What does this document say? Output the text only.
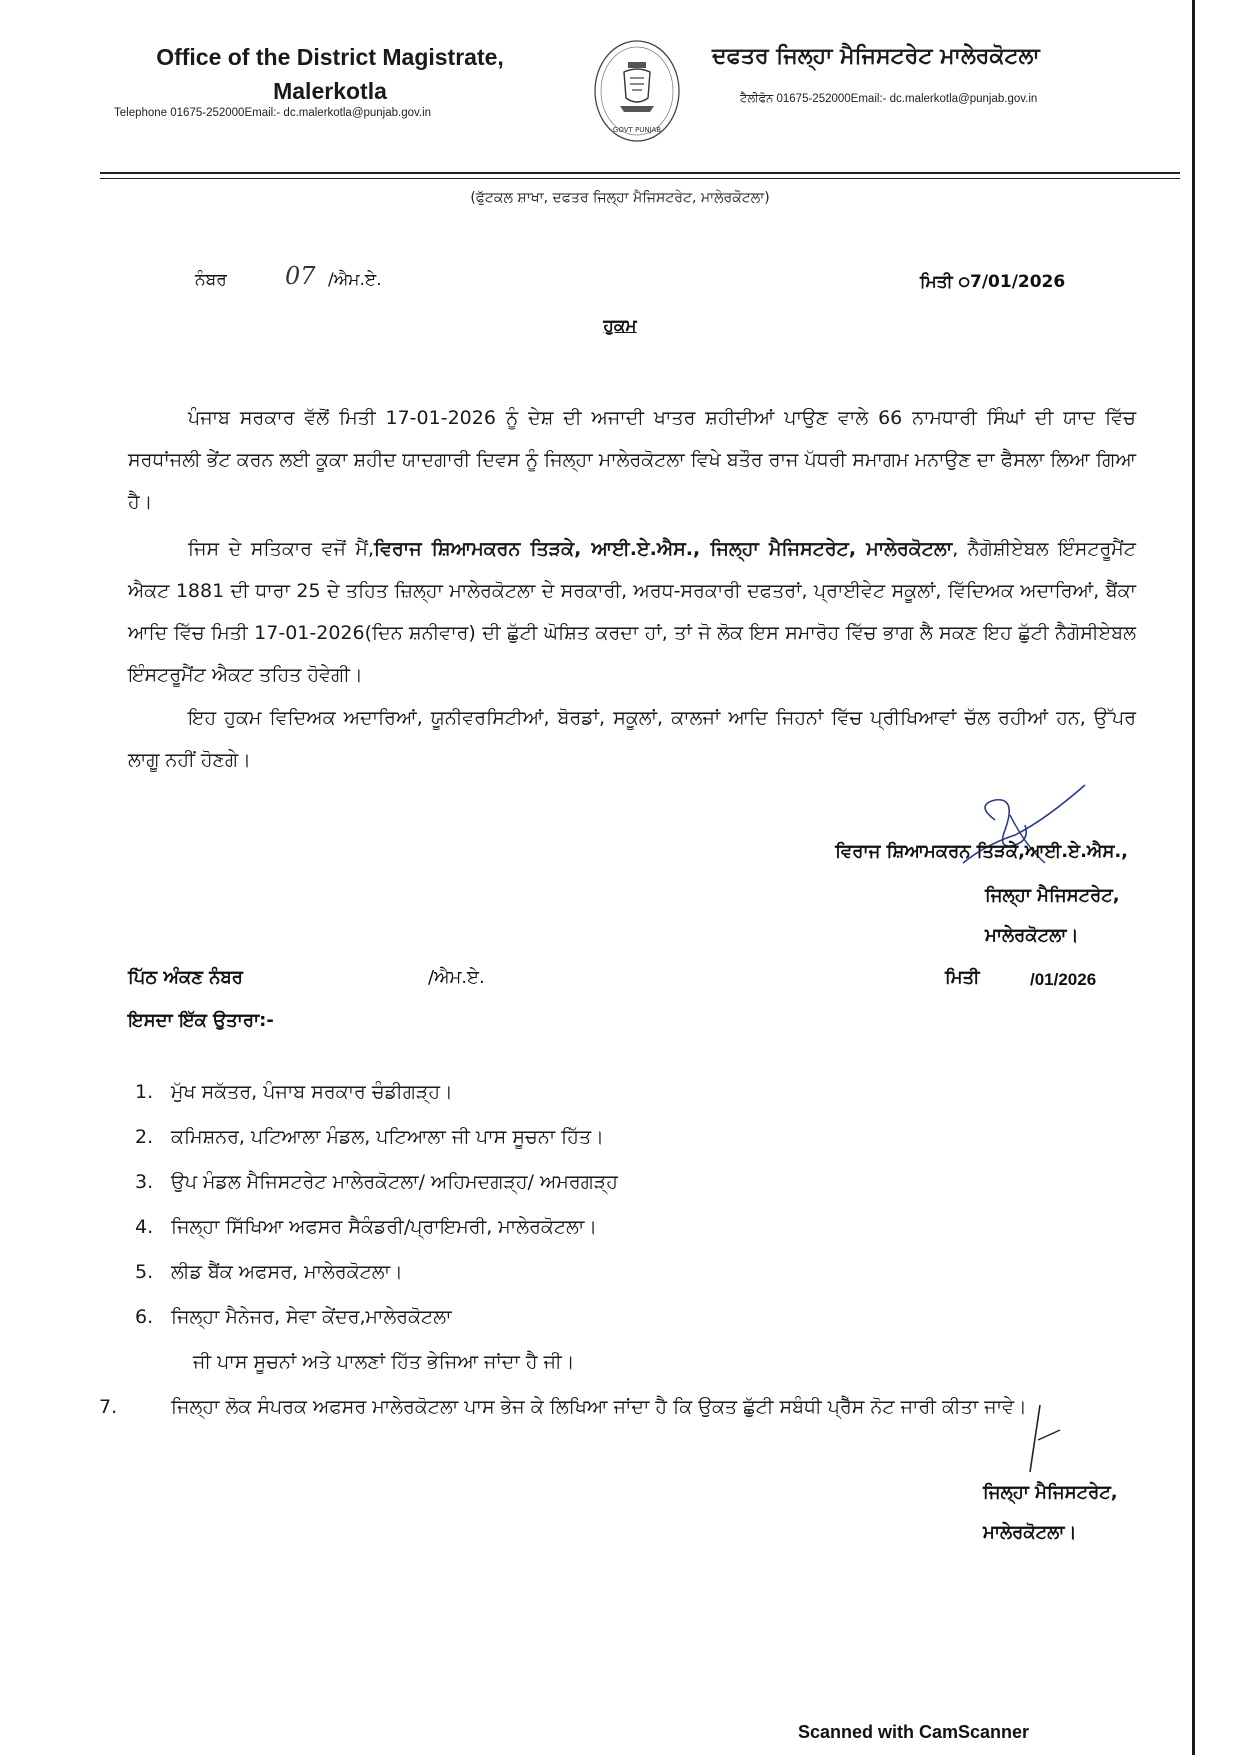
Office of the District Magistrate,
Malerkotla
Telephone 01675-252000Email:- dc.malerkotla@punjab.gov.in
GOVT PUNJAB
ਦਫਤਰ ਜਿਲ੍ਹਾ ਮੈਜਿਸਟਰੇਟ ਮਾਲੇਰਕੋਟਲਾ
ਟੈਲੀਫੋਨ 01675-252000Email:- dc.malerkotla@punjab.gov.in
(ਫੁੱਟਕਲ ਸ਼ਾਖਾ, ਦਫਤਰ ਜਿਲ੍ਹਾ ਮੈਜਿਸਟਰੇਟ, ਮਾਲੇਰਕੋਟਲਾ)
ਨੰਬਰ 07 /ਐਮ.ਏ.	ਮਿਤੀ ੦7/01/2026
ਹੁਕਮ
ਪੰਜਾਬ ਸਰਕਾਰ ਵੱਲੋਂ ਮਿਤੀ 17-01-2026 ਨੂੰ ਦੇਸ਼ ਦੀ ਅਜਾਦੀ ਖਾਤਰ ਸ਼ਹੀਦੀਆਂ ਪਾਉਣ ਵਾਲੇ 66 ਨਾਮਧਾਰੀ ਸਿੰਘਾਂ ਦੀ ਯਾਦ ਵਿੱਚ ਸਰਧਾਂਜਲੀ ਭੇਂਟ ਕਰਨ ਲਈ ਕੂਕਾ ਸ਼ਹੀਦ ਯਾਦਗਾਰੀ ਦਿਵਸ ਨੂੰ ਜਿਲ੍ਹਾ ਮਾਲੇਰਕੋਟਲਾ ਵਿਖੇ ਬਤੌਰ ਰਾਜ ਪੱਧਰੀ ਸਮਾਗਮ ਮਨਾਉਣ ਦਾ ਫੈਸਲਾ ਲਿਆ ਗਿਆ ਹੈ।
ਜਿਸ ਦੇ ਸਤਿਕਾਰ ਵਜੋਂ ਮੈਂ,ਵਿਰਾਜ ਸ਼ਿਆਮਕਰਨ ਤਿੜਕੇ, ਆਈ.ਏ.ਐਸ., ਜਿਲ੍ਹਾ ਮੈਜਿਸਟਰੇਟ, ਮਾਲੇਰਕੋਟਲਾ, ਨੈਗੋਸ਼ੀਏਬਲ ਇੰਸਟਰੂਮੈਂਟ ਐਕਟ 1881 ਦੀ ਧਾਰਾ 25 ਦੇ ਤਹਿਤ ਜ਼ਿਲ੍ਹਾ ਮਾਲੇਰਕੋਟਲਾ ਦੇ ਸਰਕਾਰੀ, ਅਰਧ-ਸਰਕਾਰੀ ਦਫਤਰਾਂ, ਪ੍ਰਾਈਵੇਟ ਸਕੂਲਾਂ, ਵਿੱਦਿਅਕ ਅਦਾਰਿਆਂ, ਬੈਂਕਾ ਆਦਿ ਵਿੱਚ ਮਿਤੀ 17-01-2026(ਦਿਨ ਸ਼ਨੀਵਾਰ) ਦੀ ਛੁੱਟੀ ਘੋਸ਼ਿਤ ਕਰਦਾ ਹਾਂ, ਤਾਂ ਜੋ ਲੋਕ ਇਸ ਸਮਾਰੋਹ ਵਿੱਚ ਭਾਗ ਲੈ ਸਕਣ ਇਹ ਛੁੱਟੀ ਨੈਗੋਸੀਏਬਲ ਇੰਸਟਰੂਮੈਂਟ ਐਕਟ ਤਹਿਤ ਹੋਵੇਗੀ।
ਇਹ ਹੁਕਮ ਵਿਦਿਅਕ ਅਦਾਰਿਆਂ, ਯੂਨੀਵਰਸਿਟੀਆਂ, ਬੋਰਡਾਂ, ਸਕੂਲਾਂ, ਕਾਲਜਾਂ ਆਦਿ ਜਿਹਨਾਂ ਵਿੱਚ ਪ੍ਰੀਖਿਆਵਾਂ ਚੱਲ ਰਹੀਆਂ ਹਨ, ਉੱਪਰ ਲਾਗੂ ਨਹੀਂ ਹੋਣਗੇ।
ਵਿਰਾਜ ਸ਼ਿਆਮਕਰਨ ਤਿੜਕੇ,ਆਈ.ਏ.ਐਸ.,
ਜਿਲ੍ਹਾ ਮੈਜਿਸਟਰੇਟ,
ਮਾਲੇਰਕੋਟਲਾ।
ਪਿੱਠ ਅੰਕਣ ਨੰਬਰ	/ਐਮ.ਏ.	ਮਿਤੀ	/01/2026
ਇਸਦਾ ਇੱਕ ਉਤਾਰਾ:-
1. ਮੁੱਖ ਸਕੱਤਰ, ਪੰਜਾਬ ਸਰਕਾਰ ਚੰਡੀਗੜ੍ਹ।
2. ਕਮਿਸ਼ਨਰ, ਪਟਿਆਲਾ ਮੰਡਲ, ਪਟਿਆਲਾ ਜੀ ਪਾਸ ਸੂਚਨਾ ਹਿੱਤ।
3. ਉਪ ਮੰਡਲ ਮੈਜਿਸਟਰੇਟ ਮਾਲੇਰਕੋਟਲਾ/ ਅਹਿਮਦਗੜ੍ਹ/ ਅਮਰਗੜ੍ਹ
4. ਜਿਲ੍ਹਾ ਸਿੱਖਿਆ ਅਫਸਰ ਸੈਕੰਡਰੀ/ਪ੍ਰਾਇਮਰੀ, ਮਾਲੇਰਕੋਟਲਾ।
5. ਲੀਡ ਬੈਂਕ ਅਫਸਰ, ਮਾਲੇਰਕੋਟਲਾ।
6. ਜਿਲ੍ਹਾ ਮੈਨੇਜਰ, ਸੇਵਾ ਕੇਂਦਰ,ਮਾਲੇਰਕੋਟਲਾ
ਜੀ ਪਾਸ ਸੂਚਨਾਂ ਅਤੇ ਪਾਲਣਾਂ ਹਿੱਤ ਭੇਜਿਆ ਜਾਂਦਾ ਹੈ ਜੀ।
7.	ਜਿਲ੍ਹਾ ਲੋਕ ਸੰਪਰਕ ਅਫਸਰ ਮਾਲੇਰਕੋਟਲਾ ਪਾਸ ਭੇਜ ਕੇ ਲਿਖਿਆ ਜਾਂਦਾ ਹੈ ਕਿ ਉਕਤ ਛੁੱਟੀ ਸਬੰਧੀ ਪ੍ਰੈੱਸ ਨੋਟ ਜਾਰੀ ਕੀਤਾ ਜਾਵੇ।
ਜਿਲ੍ਹਾ ਮੈਜਿਸਟਰੇਟ,
ਮਾਲੇਰਕੋਟਲਾ।
Scanned with CamScanner
